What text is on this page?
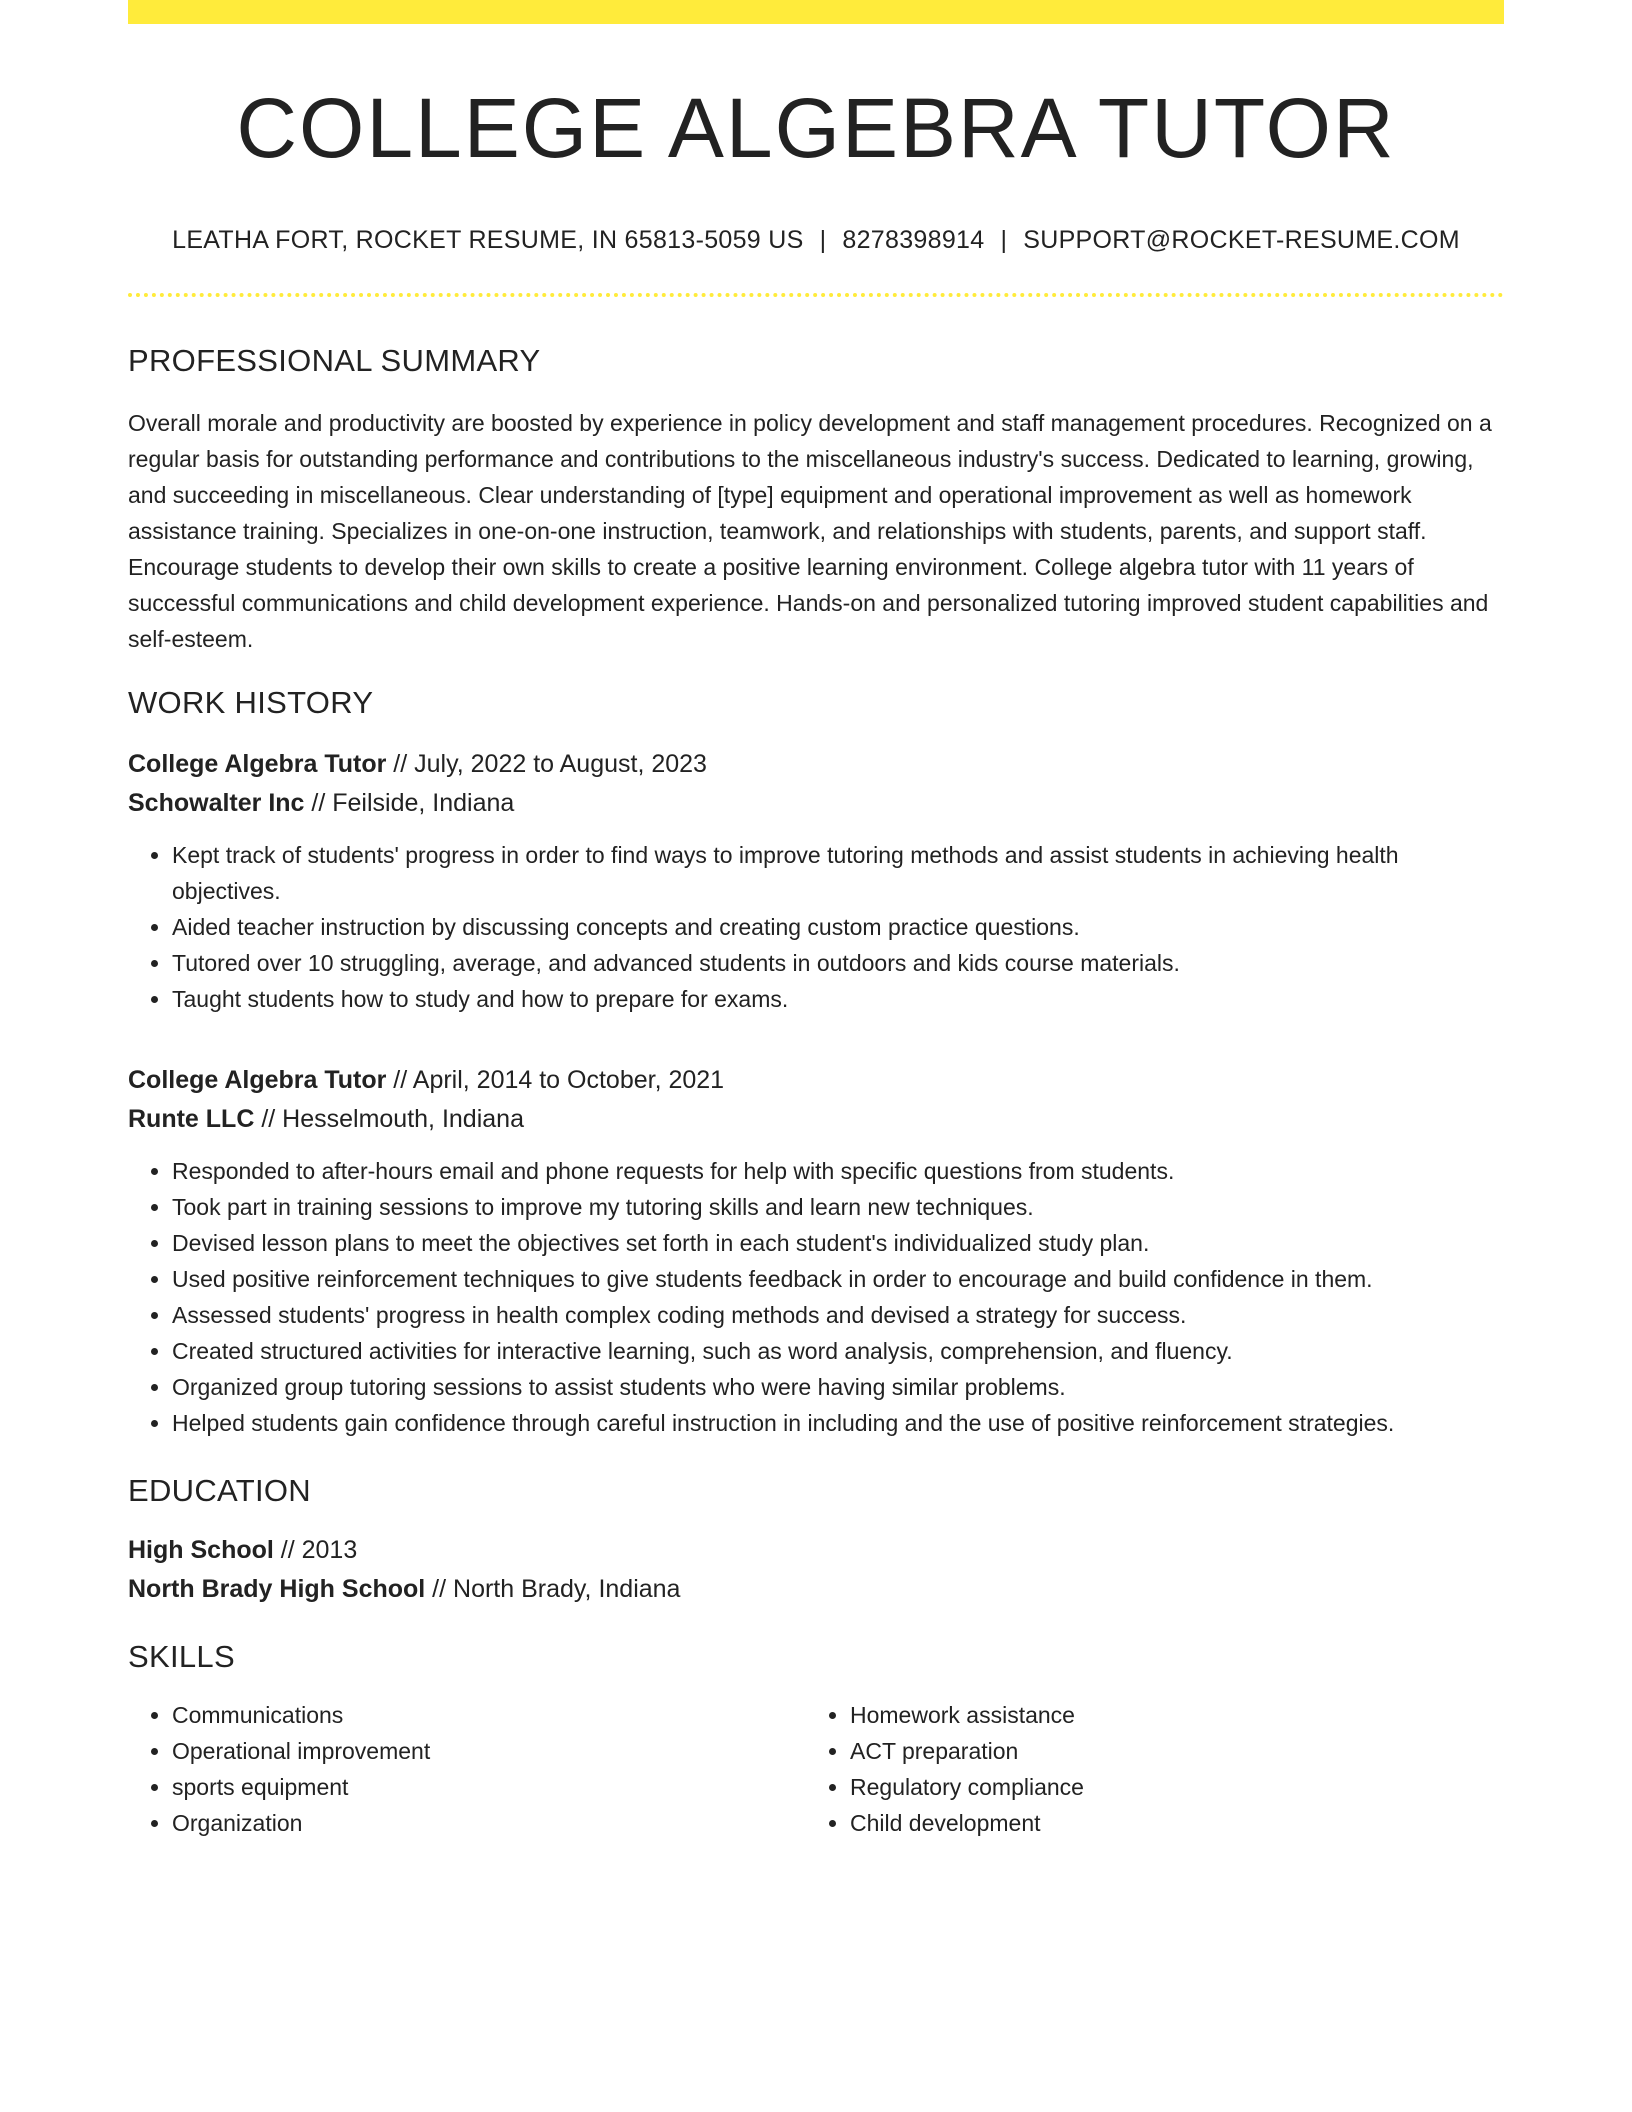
COLLEGE ALGEBRA TUTOR
LEATHA FORT, ROCKET RESUME, IN 65813-5059 US | 8278398914 | SUPPORT@ROCKET-RESUME.COM
PROFESSIONAL SUMMARY
Overall morale and productivity are boosted by experience in policy development and staff management procedures. Recognized on a regular basis for outstanding performance and contributions to the miscellaneous industry's success. Dedicated to learning, growing, and succeeding in miscellaneous. Clear understanding of [type] equipment and operational improvement as well as homework assistance training. Specializes in one-on-one instruction, teamwork, and relationships with students, parents, and support staff. Encourage students to develop their own skills to create a positive learning environment. College algebra tutor with 11 years of successful communications and child development experience. Hands-on and personalized tutoring improved student capabilities and self-esteem.
WORK HISTORY
College Algebra Tutor // July, 2022 to August, 2023
Schowalter Inc // Feilside, Indiana
• Kept track of students' progress in order to find ways to improve tutoring methods and assist students in achieving health objectives.
• Aided teacher instruction by discussing concepts and creating custom practice questions.
• Tutored over 10 struggling, average, and advanced students in outdoors and kids course materials.
• Taught students how to study and how to prepare for exams.
College Algebra Tutor // April, 2014 to October, 2021
Runte LLC // Hesselmouth, Indiana
• Responded to after-hours email and phone requests for help with specific questions from students.
• Took part in training sessions to improve my tutoring skills and learn new techniques.
• Devised lesson plans to meet the objectives set forth in each student's individualized study plan.
• Used positive reinforcement techniques to give students feedback in order to encourage and build confidence in them.
• Assessed students' progress in health complex coding methods and devised a strategy for success.
• Created structured activities for interactive learning, such as word analysis, comprehension, and fluency.
• Organized group tutoring sessions to assist students who were having similar problems.
• Helped students gain confidence through careful instruction in including and the use of positive reinforcement strategies.
EDUCATION
High School // 2013
North Brady High School // North Brady, Indiana
SKILLS
• Communications
• Operational improvement
• sports equipment
• Organization
• Homework assistance
• ACT preparation
• Regulatory compliance
• Child development
